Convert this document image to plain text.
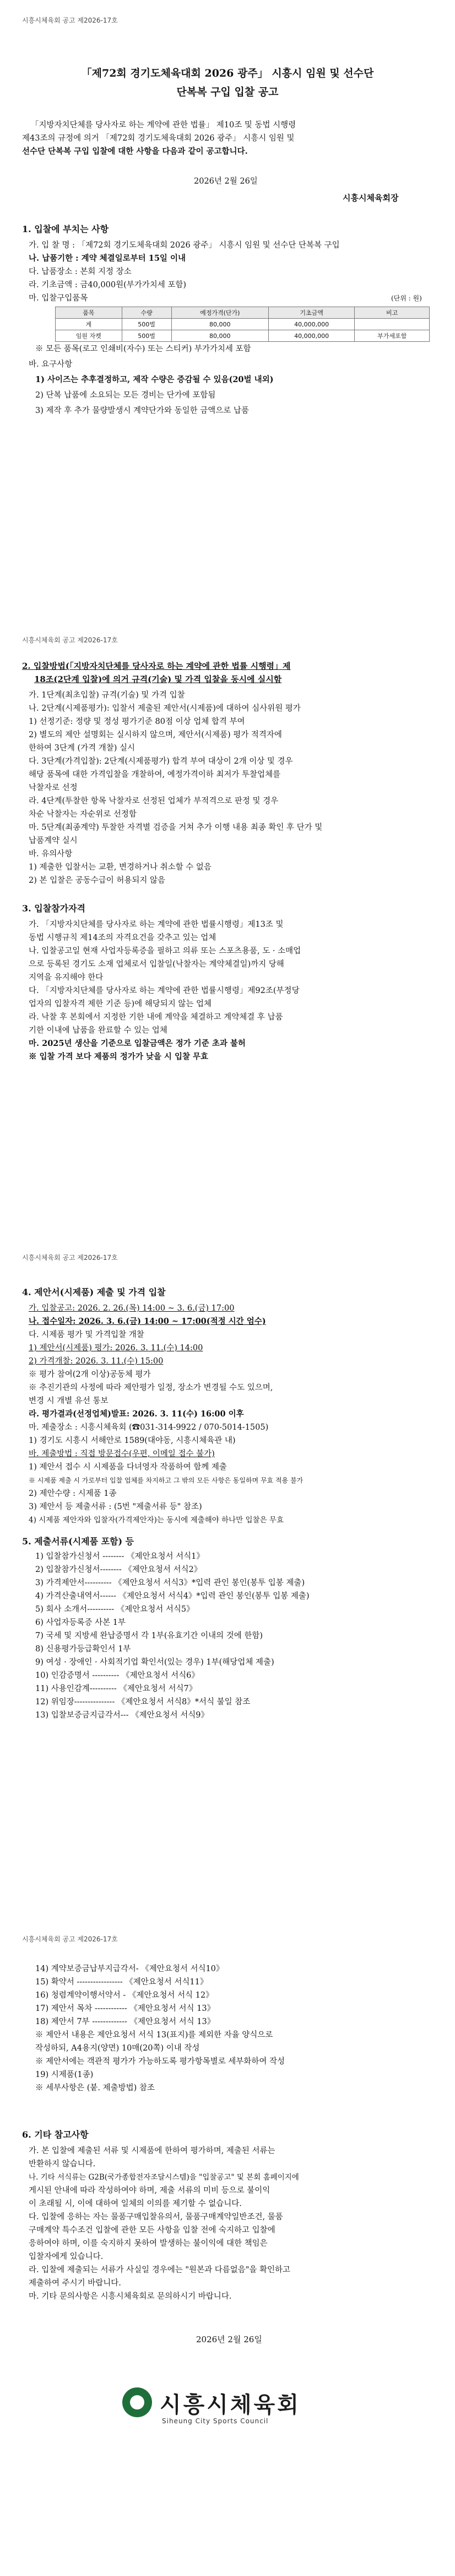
시흥시체육회 공고 제2026-17호
「제72회 경기도체육대회 2026 광주」 시흥시 임원 및 선수단
단복복 구입 입찰 공고
「지방자치단체를 당사자로 하는 계약에 관한 법률」 제10조 및 동법 시행령
제43조의 규정에 의거 「제72회 경기도체육대회 2026 광주」 시흥시 임원 및
선수단 단복복 구입 입찰에 대한 사항을 다음과 같이 공고합니다.
2026년 2월 26일
시흥시체육회장
1. 입찰에 부치는 사항
가. 입 찰 명 : 「제72회 경기도체육대회 2026 광주」 시흥시 임원 및 선수단 단복복 구입
나. 납품기한 : 계약 체결일로부터 15일 이내
다. 납품장소 : 본회 지정 장소
라. 기초금액 : 금40,000원(부가가치세 포함)
마. 입찰구입품목	(단위 : 원)
품목	수량	예정가격(단가)	기초금액	비고
계	500벌	80,000	40,000,000	
임원 자켓	500벌	80,000	40,000,000	부가세포함
※ 모든 품목(로고 인쇄비(자수) 또는 스티커) 부가가치세 포함
바. 요구사항
1) 사이즈는 추후결정하고, 제작 수량은 증감될 수 있음(20벌 내외)
2) 단복 납품에 소요되는 모든 경비는 단가에 포함됨
3) 제작 후 추가 물량발생시 계약단가와 동일한 금액으로 납품
시흥시체육회 공고 제2026-17호
2. 입찰방법(「지방자치단체를 당사자로 하는 계약에 관한 법률 시행령」제
18조(2단계 입찰)에 의거 규격(기술) 및 가격 입찰을 동시에 실시함
가. 1단계(최초입찰) 규격(기술) 및 가격 입찰
나. 2단계(시제품평가): 입찰서 제출된 제안서(시제품)에 대하여 심사위원 평가
1) 선정기준: 정량 및 정성 평가기준 80점 이상 업체 합격 부여
2) 별도의 제안 설명회는 실시하지 않으며, 제안서(시제품) 평가 적격자에
한하여 3단계 (가격 개찰) 실시
다. 3단계(가격입찰): 2단계(시제품평가) 합격 부여 대상이 2개 이상 및 경우
해당 품목에 대한 가격입찰을 개찰하여, 예정가격이하 최저가 투찰업체를
낙찰자로 선정
라. 4단계(투찰한 항목 낙찰자로 선정된 업체가 부적격으로 판정 및 경우
차순 낙찰자는 자순위로 선정함
마. 5단계(최종계약) 투찰한 자격별 검증을 거쳐 추가 이행 내용 최종 확인 후 단가 및
납품계약 실시
바. 유의사항
1) 제출한 입찰서는 교환, 변경하거나 취소할 수 없음
2) 본 입찰은 공동수급이 허용되지 않음
3. 입찰참가자격
가. 「지방자치단체를 당사자로 하는 계약에 관한 법률시행령」제13조 및
동법 시행규칙 제14조의 자격요건을 갖추고 있는 업체
나. 입찰공고일 현재 사업자등록증을 필하고 의류 또는 스포츠용품, 도 · 소매업
으로 등록된 경기도 소재 업체로서 입찰일(낙찰자는 계약체결일)까지 당해
지역을 유지해야 한다
다. 「지방자치단체를 당사자로 하는 계약에 관한 법률시행령」제92조(부정당
업자의 입찰자격 제한 기준 등)에 해당되지 않는 업체
라. 낙찰 후 본회에서 지정한 기한 내에 계약을 체결하고 계약체결 후 납품
기한 이내에 납품을 완료할 수 있는 업체
마. 2025년 생산을 기준으로 입찰금액은 정가 기준 초과 불허
※ 입찰 가격 보다 제품의 정가가 낮을 시 입찰 무효
시흥시체육회 공고 제2026-17호
4. 제안서(시제품) 제출 및 가격 입찰
가. 입찰공고: 2026. 2. 26.(목) 14:00 ~ 3. 6.(금) 17:00
나. 접수일자: 2026. 3. 6.(금) 14:00 ~ 17:00(적정 시간 엄수)
다. 시제품 평가 및 가격입찰 개찰
1) 제안서(시제품) 평가: 2026. 3. 11.(수) 14:00
2) 가격개찰: 2026. 3. 11.(수) 15:00
※ 평가 참여(2개 이상)공동체 평가
※ 추진기관의 사정에 따라 제안평가 일정, 장소가 변경될 수도 있으며,
변경 시 개별 유선 통보
라. 평가결과(선정업체)발표: 2026. 3. 11(수) 16:00 이후
마. 제출장소 : 시흥시체육회 (☎031-314-9922 / 070-5014-1505)
1) 경기도 시흥시 서해안로 1589(대야동, 시흥시체육관 내)
바. 제출방법 : 직접 방문접수(우편, 이메일 접수 불가)
1) 제안서 접수 시 시제품을 다녀영자 작품하여 함께 제출
※ 시제품 제출 시 가로부터 입찰 업체를 차지하고 그 밖의 모든 사항은 동일하며 무효 적용 불가
2) 제안수량 : 시제품 1종
3) 제안서 등 제출서류 : (5번 "제출서류 등" 참조)
4) 시제품 제안자와 입찰자(가격제안자)는 동시에 제출해야 하나만 입찰은 무효
5. 제출서류(시제품 포함) 등
1) 입찰참가신청서 -------- 《제안요청서 서식1》
2) 입찰참가신청서-------- 《제안요청서 서식2》
3) 가격제안서---------- 《제안요청서 서식3》*입력 관인 봉인(봉투 입봉 제출)
4) 가격산출내역서------ 《제안요청서 서식4》*입력 관인 봉인(봉투 입봉 제출)
5) 회사 소개서---------- 《제안요청서 서식5》
6) 사업자등록증 사본 1부
7) 국세 및 지방세 완납증명서 각 1부(유효기간 이내의 것에 한함)
8) 신용평가등급확인서 1부
9) 여성 · 장애인 · 사회적기업 확인서(있는 경우) 1부(해당업체 제출)
10) 인감증명서 ---------- 《제안요청서 서식6》
11) 사용인감계---------- 《제안요청서 서식7》
12) 위임장--------------- 《제안요청서 서식8》*서식 불일 참조
13) 입찰보증금지급각서--- 《제안요청서 서식9》
시흥시체육회 공고 제2026-17호
14) 계약보증금납부지급각서- 《제안요청서 서식10》
15) 확약서 ----------------- 《제안요청서 서식11》
16) 청렴계약이행서약서 - 《제안요청서 서식 12》
17) 제안서 목차 ------------ 《제안요청서 서식 13》
18) 제안서 7부 ------------- 《제안요청서 서식 13》
※ 제안서 내용은 제안요청서 서식 13(표지)를 제외한 자율 양식으로
작성하되, A4용지(양면) 10매(20쪽) 이내 작성
※ 제안서에는 객관적 평가가 가능하도록 평가항목별로 세부화하여 작성
19) 시제품(1종)
※ 세부사항은 (붙. 제출방법) 참조
6. 기타 참고사항
가. 본 입찰에 제출된 서류 및 시제품에 한하여 평가하며, 제출된 서류는
반환하지 않습니다.
나. 기타 서식류는 G2B(국가종합전자조달시스템)을 "입찰공고" 및 본회 홈페이지에
게시된 안내에 따라 작성하여야 하며, 제출 서류의 미비 등으로 불이익
이 초래될 시, 이에 대하여 일체의 이의를 제기할 수 없습니다.
다. 입찰에 응하는 자는 물품구매입찰유의서, 물품구매계약일반조건, 물품
구매계약 특수조건 입찰에 관한 모든 사항을 입찰 전에 숙지하고 입찰에
응하여야 하며, 이를 숙지하지 못하여 발생하는 불이익에 대한 책임은
입찰자에게 있습니다.
라. 입찰에 제출되는 서류가 사실일 경우에는 "원본과 다름없음"을 확인하고
제출하여 주시기 바랍니다.
마. 기타 문의사항은 시흥시체육회로 문의하시기 바랍니다.
2026년 2월 26일
시흥시체육회
Siheung City Sports Council
